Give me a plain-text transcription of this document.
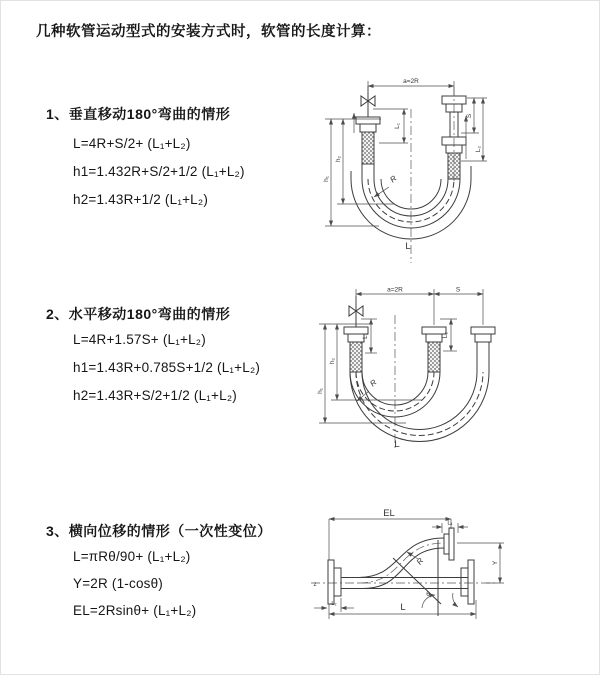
几种软管运动型式的安装方式时，软管的长度计算：
1、垂直移动180°弯曲的情形
L=4R+S/2+ (L₁+L₂)
h1=1.432R+S/2+1/2 (L₁+L₂)
h2=1.43R+1/2 (L₁+L₂)
2、水平移动180°弯曲的情形
L=4R+1.57S+ (L₁+L₂)
h1=1.43R+0.785S+1/2 (L₁+L₂)
h2=1.43R+S/2+1/2 (L₁+L₂)
3、横向位移的情形（一次性变位）
L=πRθ/90+ (L₁+L₂)
Y=2R (1-cosθ)
EL=2Rsinθ+ (L₁+L₂)
a=2R
S
L₂
L₁
h₂
h₁	R
L
a=2R	S
h₁
h₂
L₁	L₂
R
L
EL
L₁
Y
L
L₂
R
θ
z
